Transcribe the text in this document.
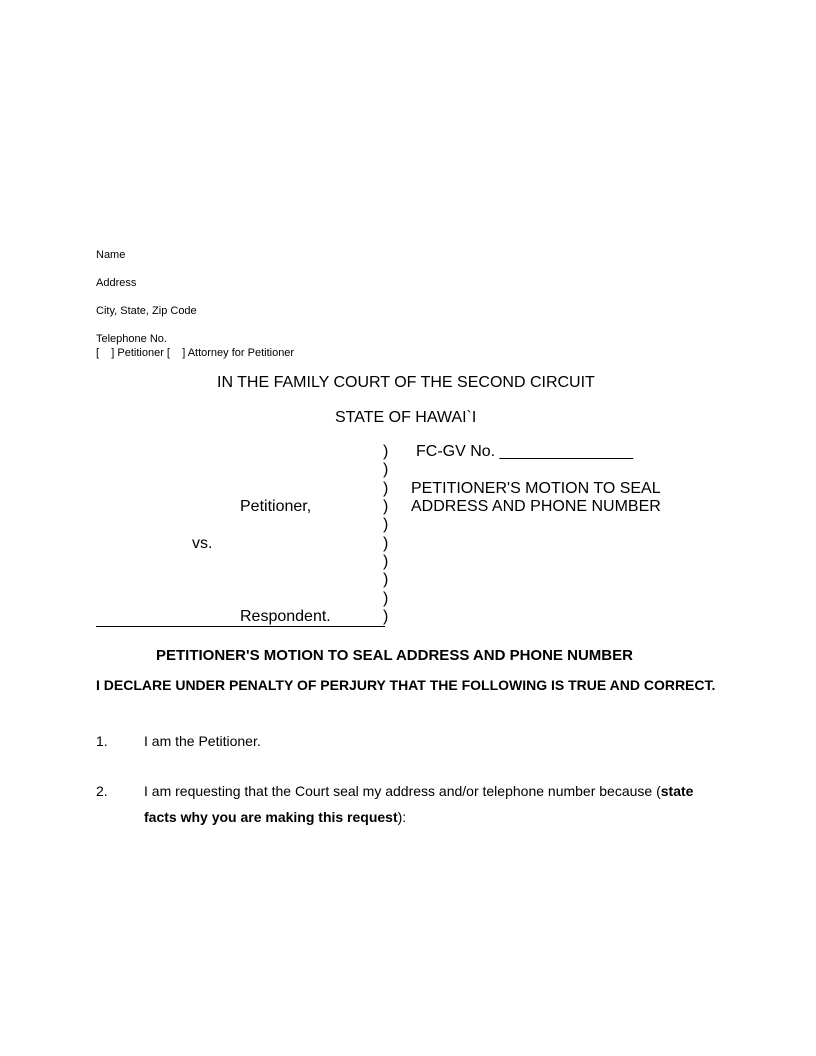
Name
Address
City, State, Zip Code
Telephone No.
[    ] Petitioner [    ] Attorney for Petitioner
IN THE FAMILY COURT OF THE SECOND CIRCUIT
STATE OF HAWAI`I
)
)
)
)
)
)
)
)
)
)
FC-GV No. _______________
PETITIONER'S MOTION TO SEAL
ADDRESS AND PHONE NUMBER
Petitioner,
vs.
Respondent.
PETITIONER'S MOTION TO SEAL ADDRESS AND PHONE NUMBER
I DECLARE UNDER PENALTY OF PERJURY THAT THE FOLLOWING IS TRUE AND CORRECT.
1.	I am the Petitioner.
2.	I am requesting that the Court seal my address and/or telephone number because (state
facts why you are making this request):
